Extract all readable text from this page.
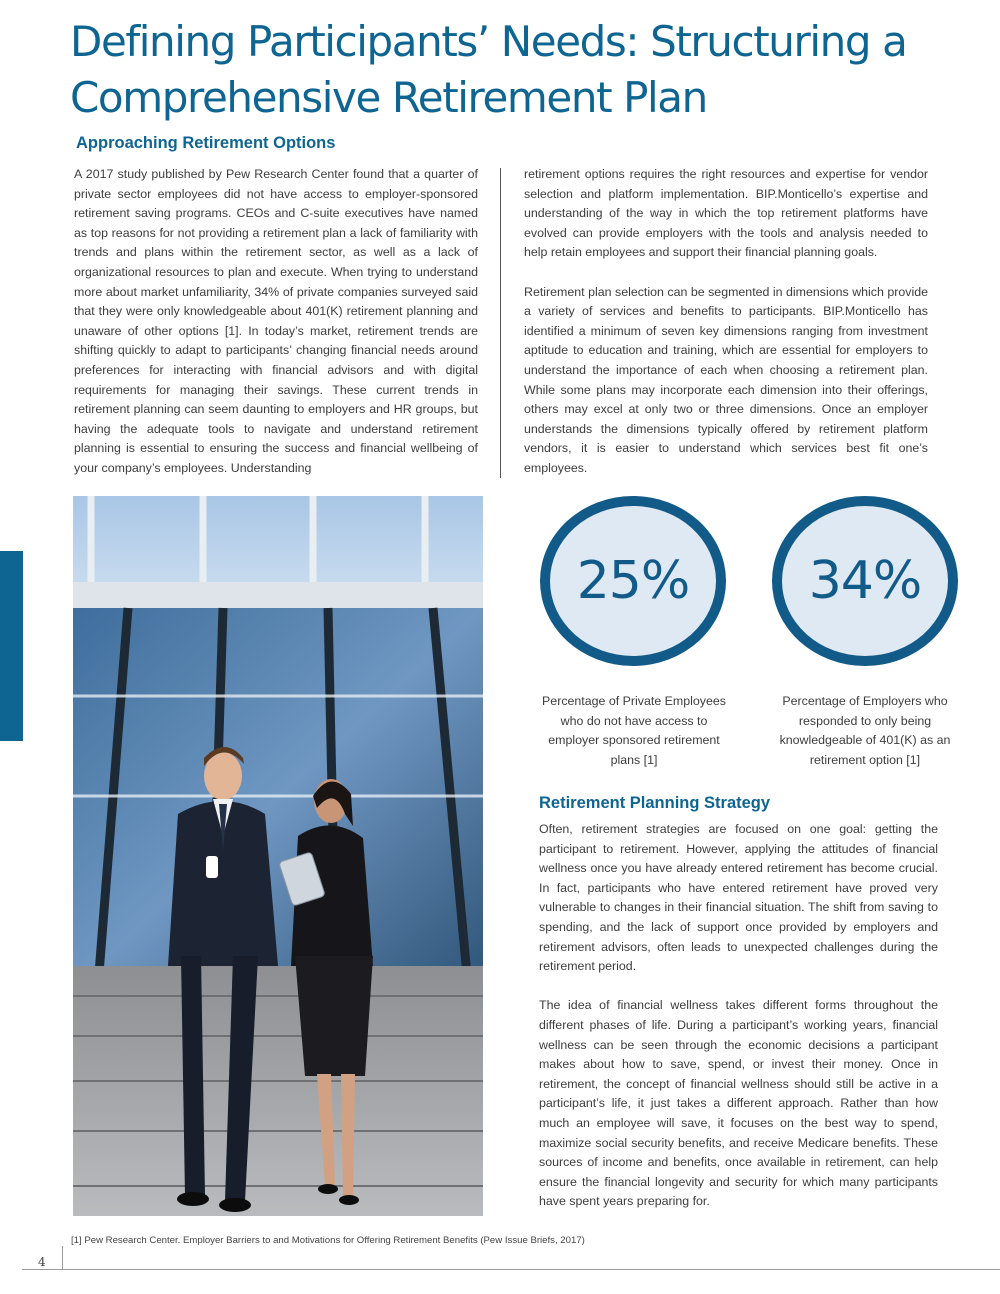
Defining Participants’ Needs: Structuring a Comprehensive Retirement Plan
Approaching Retirement Options

A 2017 study published by Pew Research Center found that a quarter of private sector employees did not have access to employer-sponsored retirement saving programs. CEOs and C-suite executives have named as top reasons for not providing a retirement plan a lack of familiarity with trends and plans within the retirement sector, as well as a lack of organizational resources to plan and execute. When trying to understand more about market unfamiliarity, 34% of private companies surveyed said that they were only knowledgeable about 401(K) retirement planning and unaware of other options [1]. In today’s market, retirement trends are shifting quickly to adapt to participants’ changing financial needs around preferences for interacting with financial advisors and with digital requirements for managing their savings. These current trends in retirement planning can seem daunting to employers and HR groups, but having the adequate tools to navigate and understand retirement planning is essential to ensuring the success and financial wellbeing of your company’s employees. Understanding

retirement options requires the right resources and expertise for vendor selection and platform implementation. BIP.Monticello’s expertise and understanding of the way in which the top retirement platforms have evolved can provide employers with the tools and analysis needed to help retain employees and support their financial planning goals.

Retirement plan selection can be segmented in dimensions which provide a variety of services and benefits to participants. BIP.Monticello has identified a minimum of seven key dimensions ranging from investment aptitude to education and training, which are essential for employers to understand the importance of each when choosing a retirement plan. While some plans may incorporate each dimension into their offerings, others may excel at only two or three dimensions. Once an employer understands the dimensions typically offered by retirement platform vendors, it is easier to understand which services best fit one’s employees.

25% 34%
Percentage of Private Employees who do not have access to employer sponsored retirement plans [1]
Percentage of Employers who responded to only being knowledgeable of 401(K) as an retirement option [1]
Retirement Planning Strategy

Often, retirement strategies are focused on one goal: getting the participant to retirement. However, applying the attitudes of financial wellness once you have already entered retirement has become crucial. In fact, participants who have entered retirement have proved very vulnerable to changes in their financial situation. The shift from saving to spending, and the lack of support once provided by employers and retirement advisors, often leads to unexpected challenges during the retirement period.

The idea of financial wellness takes different forms throughout the different phases of life. During a participant’s working years, financial wellness can be seen through the economic decisions a participant makes about how to save, spend, or invest their money. Once in retirement, the concept of financial wellness should still be active in a participant’s life, it just takes a different approach. Rather than how much an employee will save, it focuses on the best way to spend, maximize social security benefits, and receive Medicare benefits. These sources of income and benefits, once available in retirement, can help ensure the financial longevity and security for which many participants have spent years preparing for.

[1] Pew Research Center. Employer Barriers to and Motivations for Offering Retirement Benefits (Pew Issue Briefs, 2017)
4
